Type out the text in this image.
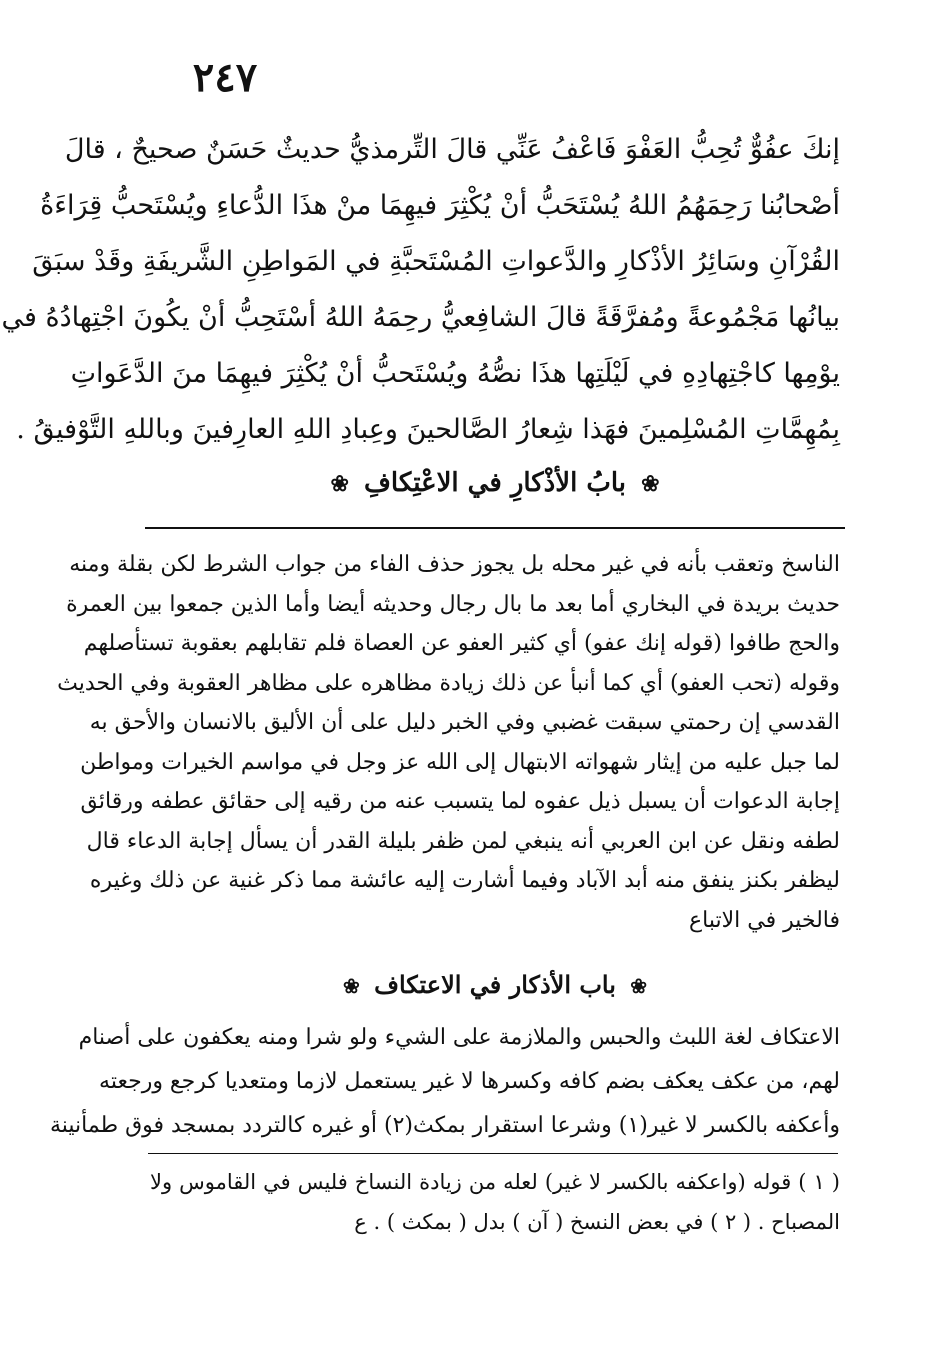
٢٤٧
إنكَ عفُوٌّ تُحِبُّ العَفْوَ فَاعْفُ عَنِّي قالَ التِّرمذيُّ حديثٌ حَسَنٌ صحيحٌ ، قالَ
أصْحابُنا رَحِمَهُمُ اللهُ يُسْتَحَبُّ أنْ يُكْثِرَ فيهِمَا منْ هذَا الدُّعاءِ ويُسْتَحبُّ قِرَاءَةُ
القُرْآنِ وسَائِرُ الأذْكارِ والدَّعواتِ المُسْتَحبَّةِ في المَواطِنِ الشَّريفَةِ وقَدْ سبَقَ
بيانُها مَجْمُوعةً ومُفرَّقَةً قالَ الشافِعيُّ رحِمَهُ اللهُ أسْتَحِبُّ أنْ يكُونَ اجْتِهادُهُ في
يوْمِها كاجْتِهادِهِ في لَيْلَتِها هذَا نصُّهُ ويُسْتَحبُّ أنْ يُكْثِرَ فيهِمَا منَ الدَّعَواتِ
بِمُهِمَّاتِ المُسْلِمينَ فهَذا شِعارُ الصَّالحينَ وعِبادِ اللهِ العارِفينَ وباللهِ التَّوْفيقُ .
❀ بابُ الأذْكارِ في الاعْتِكافِ ❀
الناسخ وتعقب بأنه في غير محله بل يجوز حذف الفاء من جواب الشرط لكن بقلة ومنه
حديث بريدة في البخاري أما بعد ما بال رجال وحديثه أيضا وأما الذين جمعوا بين العمرة
والحج طافوا (قوله إنك عفو) أي كثير العفو عن العصاة فلم تقابلهم بعقوبة تستأصلهم
وقوله (تحب العفو) أي كما أنبأ عن ذلك زيادة مظاهره على مظاهر العقوبة وفي الحديث
القدسي إن رحمتي سبقت غضبي وفي الخبر دليل على أن الأليق بالانسان والأحق به
لما جبل عليه من إيثار شهواته الابتهال إلى الله عز وجل في مواسم الخيرات ومواطن
إجابة الدعوات أن يسبل ذيل عفوه لما يتسبب عنه من رقيه إلى حقائق عطفه ورقائق
لطفه ونقل عن ابن العربي أنه ينبغي لمن ظفر بليلة القدر أن يسأل إجابة الدعاء قال
ليظفر بكنز ينفق منه أبد الآباد وفيما أشارت إليه عائشة مما ذكر غنية عن ذلك وغيره
فالخير في الاتباع
❀ باب الأذكار في الاعتكاف ❀
الاعتكاف لغة اللبث والحبس والملازمة على الشيء ولو شرا ومنه يعكفون على أصنام
لهم، من عكف يعكف بضم كافه وكسرها لا غير يستعمل لازما ومتعديا كرجع ورجعته
وأعكفه بالكسر لا غير(١) وشرعا استقرار بمكث(٢) أو غيره كالتردد بمسجد فوق طمأنينة
( ١ ) قوله (واعكفه بالكسر لا غير) لعله من زيادة النساخ فليس في القاموس ولا
المصباح . ( ٢ ) في بعض النسخ ( آن ) بدل ( بمكث ) . ع
